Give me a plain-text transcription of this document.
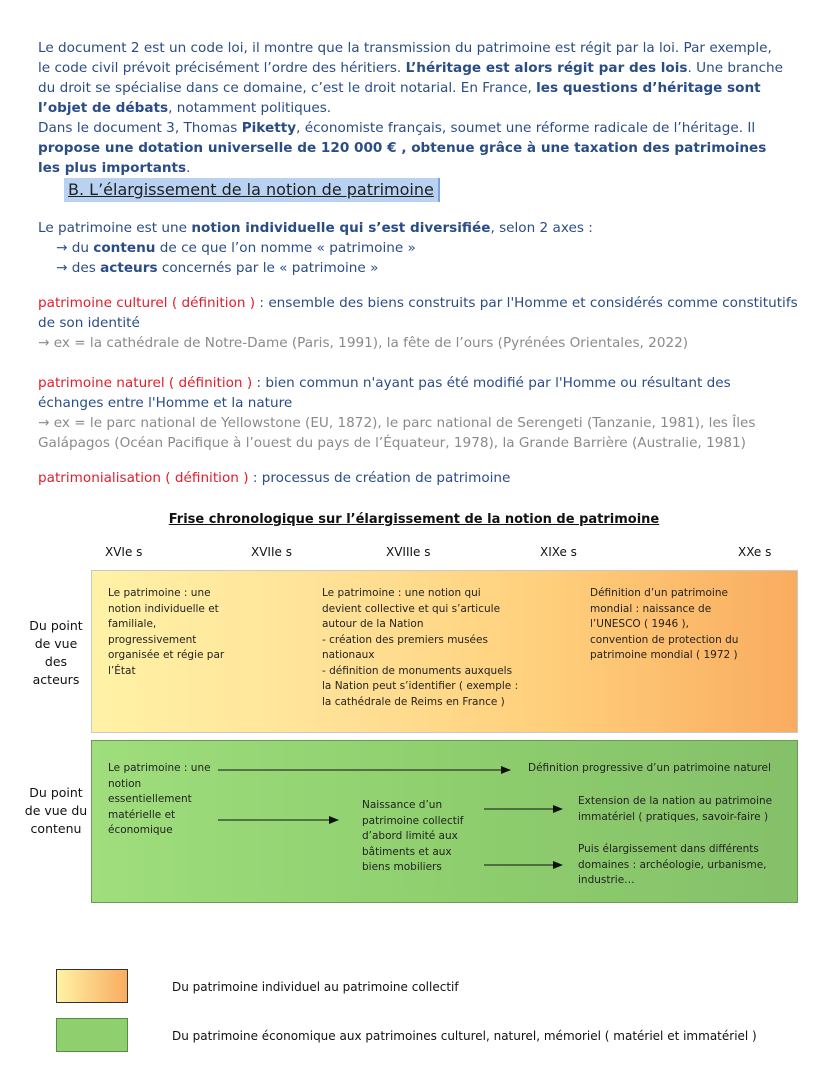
Le document 2 est un code loi, il montre que la transmission du patrimoine est régit par la loi. Par exemple, le code civil prévoit précisément l’ordre des héritiers. L’héritage est alors régit par des lois. Une branche du droit se spécialise dans ce domaine, c’est le droit notarial. En France, les questions d’héritage sont l’objet de débats, notamment politiques.

Dans le document 3, Thomas Piketty, économiste français, soumet une réforme radicale de l’héritage. Il propose une dotation universelle de 120 000 € , obtenue grâce à une taxation des patrimoines les plus importants.

B. L’élargissement de la notion de patrimoine

Le patrimoine est une notion individuelle qui s’est diversifiée, selon 2 axes :

→ du contenu de ce que l’on nomme « patrimoine »

→ des acteurs concernés par le « patrimoine »

patrimoine culturel ( définition ) : ensemble des biens construits par l'Homme et considérés comme constitutifs de son identité

→ ex = la cathédrale de Notre-Dame (Paris, 1991), la fête de l’ours (Pyrénées Orientales, 2022)

patrimoine naturel ( définition ) : bien commun n'ayant pas été modifié par l'Homme ou résultant des échanges entre l'Homme et la nature

→ ex = le parc national de Yellowstone (EU, 1872), le parc national de Serengeti (Tanzanie, 1981), les Îles Galápagos (Océan Pacifique à l’ouest du pays de l’Équateur, 1978), la Grande Barrière (Australie, 1981)

patrimonialisation ( définition ) : processus de création de patrimoine

Frise chronologique sur l’élargissement de la notion de patrimoine
XVIe s	XVIIe s	XVIIIe s	XIXe s	XXe s
Du point de vue des acteurs
Du point de vue du contenu
Le patrimoine : une notion individuelle et familiale, progressivement organisée et régie par l’État
Le patrimoine : une notion qui devient collective et qui s’articule autour de la Nation
- création des premiers musées nationaux
- définition de monuments auxquels la Nation peut s’identifier ( exemple : la cathédrale de Reims en France )
Définition d’un patrimoine mondial : naissance de l’UNESCO ( 1946 ), convention de protection du patrimoine mondial ( 1972 )
Le patrimoine : une notion essentiellement matérielle et économique
Naissance d’un patrimoine collectif d’abord limité aux bâtiments et aux biens mobiliers
Définition progressive d’un patrimoine naturel
Extension de la nation au patrimoine immatériel ( pratiques, savoir-faire )
Puis élargissement dans différents domaines : archéologie, urbanisme, industrie…
Du patrimoine individuel au patrimoine collectif
Du patrimoine économique aux patrimoines culturel, naturel, mémoriel ( matériel et immatériel )
